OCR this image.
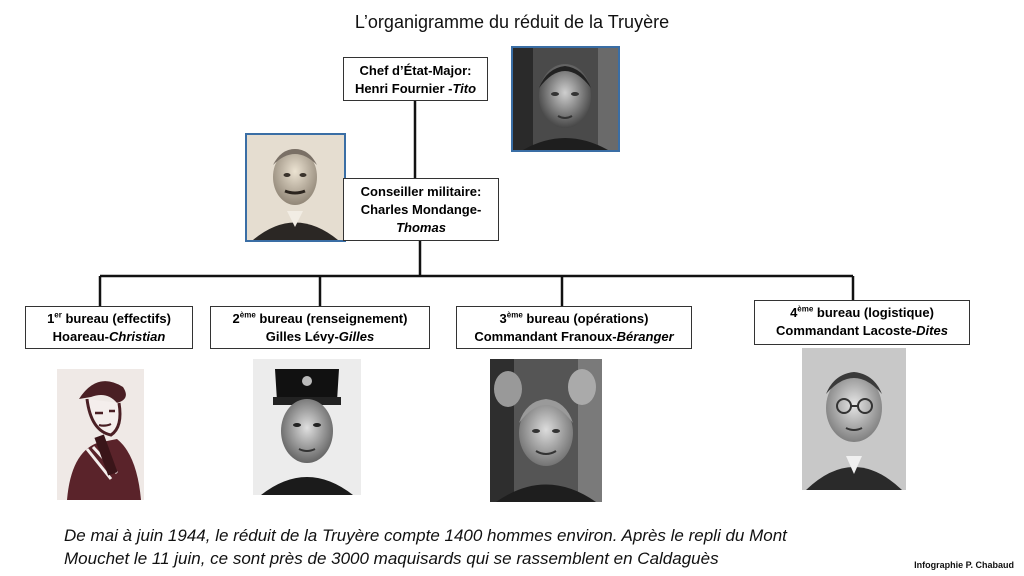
L’organigramme du réduit de la Truyère
Chef d’État-Major:
Henri Fournier -Tito
Conseiller militaire:
Charles Mondange-
Thomas
1er bureau (effectifs)
Hoareau-Christian
2ème bureau (renseignement)
Gilles Lévy-Gilles
3ème bureau (opérations)
Commandant Franoux-Béranger
4ème bureau (logistique)
Commandant Lacoste-Dites
De mai à juin 1944, le réduit de la Truyère compte 1400 hommes environ. Après le repli du Mont
Mouchet le 11 juin, ce sont près de 3000 maquisards qui se rassemblent en Caldaguès	Infographie P. Chabaud
